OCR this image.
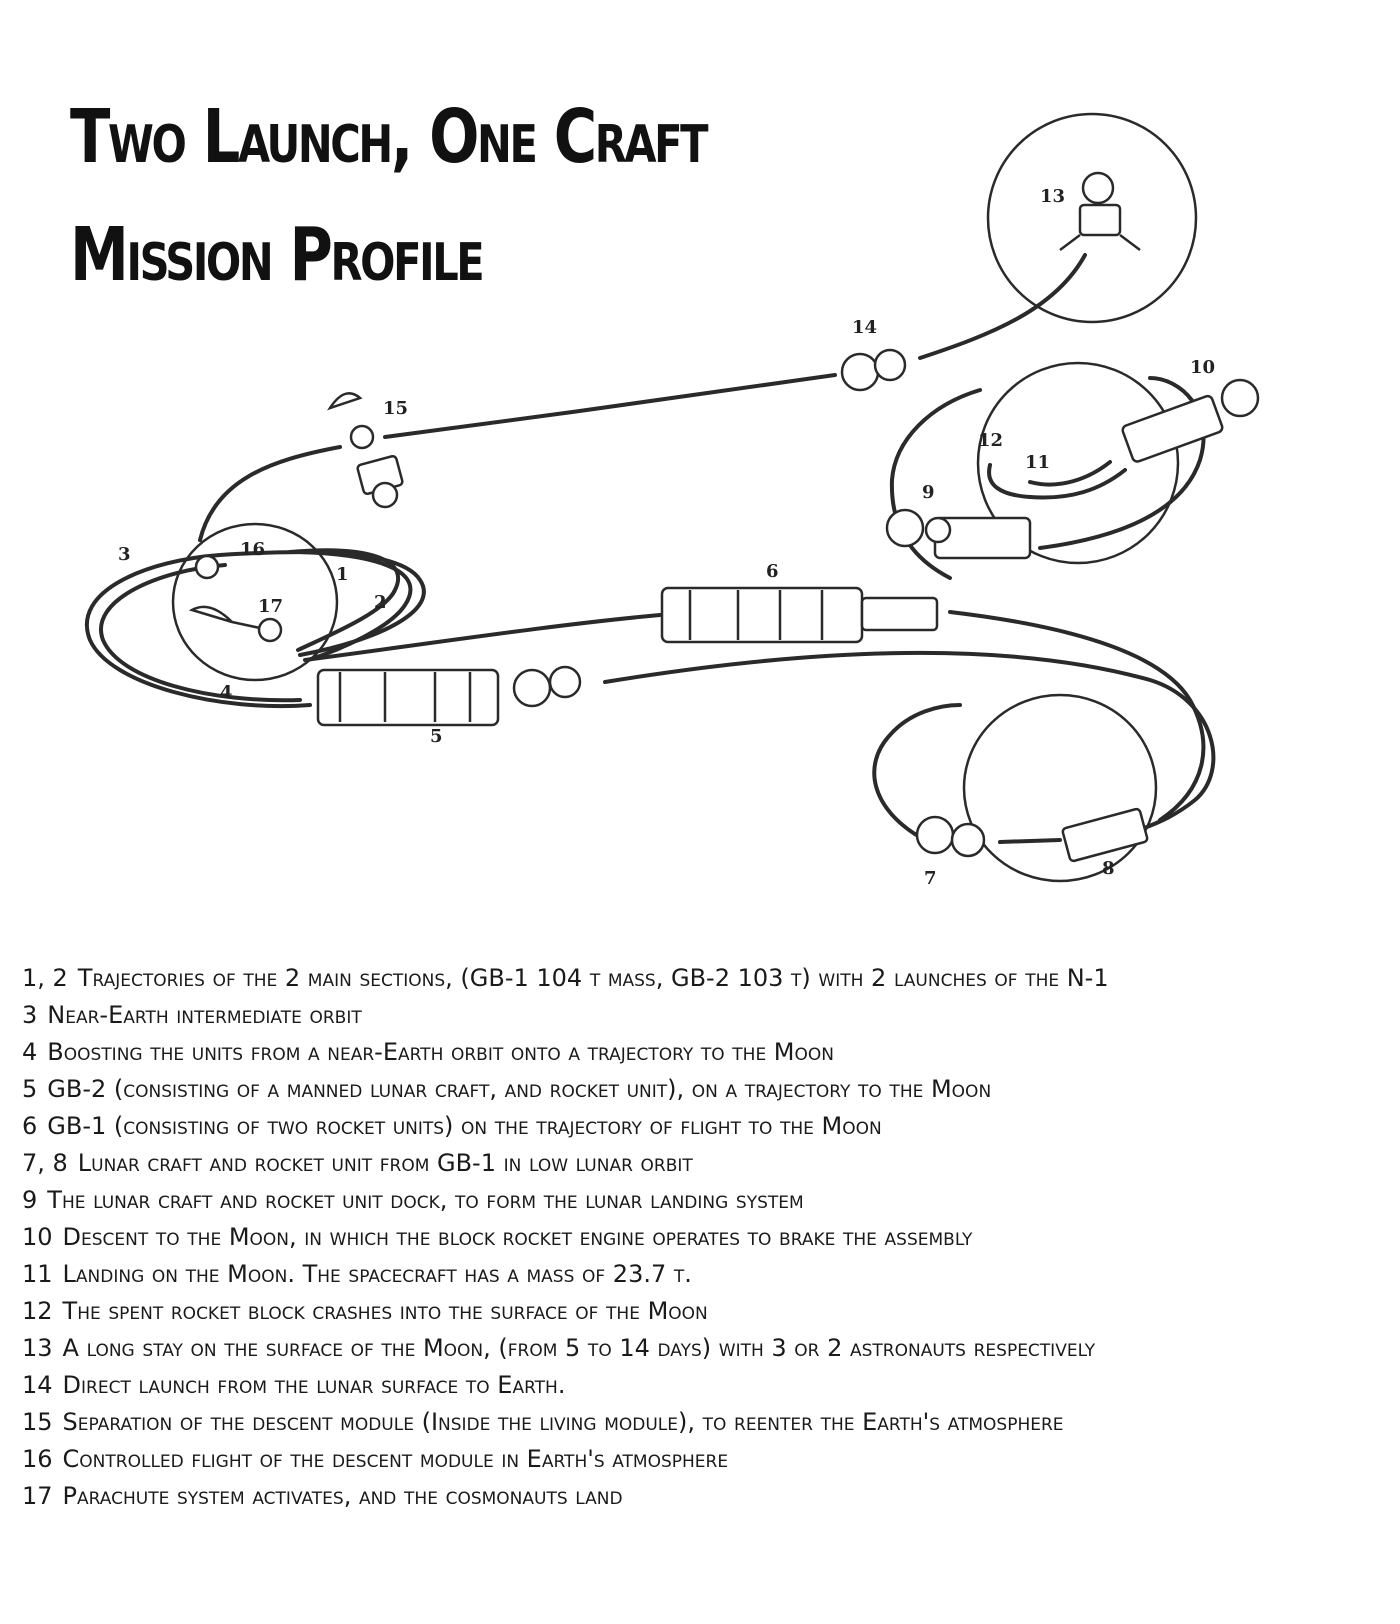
Two Launch, One Craft
Mission Profile
3	16
17
1
2
4
5
6
7	8
9
10
11
12
13
14
15
1, 2 Trajectories of the 2 main sections, (GB-1 104 t mass, GB-2 103 t) with 2 launches of the N-1
3 Near-Earth intermediate orbit
4 Boosting the units from a near-Earth orbit onto a trajectory to the Moon
5 GB-2 (consisting of a manned lunar craft, and rocket unit), on a trajectory to the Moon
6 GB-1 (consisting of two rocket units) on the trajectory of flight to the Moon
7, 8 Lunar craft and rocket unit from GB-1 in low lunar orbit
9 The lunar craft and rocket unit dock, to form the lunar landing system
10 Descent to the Moon, in which the block rocket engine operates to brake the assembly
11 Landing on the Moon. The spacecraft has a mass of 23.7 t.
12 The spent rocket block crashes into the surface of the Moon
13 A long stay on the surface of the Moon, (from 5 to 14 days) with 3 or 2 astronauts respectively
14 Direct launch from the lunar surface to Earth.
15 Separation of the descent module (Inside the living module), to reenter the Earth's atmosphere
16 Controlled flight of the descent module in Earth's atmosphere
17 Parachute system activates, and the cosmonauts land
